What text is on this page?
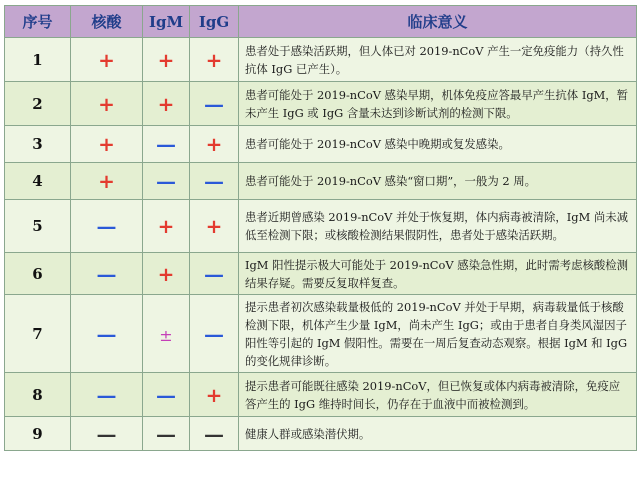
序号	核酸	IgM	IgG	临床意义
1	+	+	+	患者处于感染活跃期，但人体已对 2019-nCoV 产生一定免疫能力（持久性抗体 IgG 已产生）。
2	+	+	—	患者可能处于 2019-nCoV 感染早期，机体免疫应答最早产生抗体 IgM，暂未产生 IgG 或 IgG 含量未达到诊断试剂的检测下限。
3	+	—	+	患者可能处于 2019-nCoV 感染中晚期或复发感染。
4	+	—	—	患者可能处于 2019-nCoV 感染“窗口期”，一般为 2 周。
5	—	+	+	患者近期曾感染 2019-nCoV 并处于恢复期，体内病毒被清除，IgM 尚未减低至检测下限；或核酸检测结果假阴性，患者处于感染活跃期。
6	—	+	—	IgM 阳性提示极大可能处于 2019-nCoV 感染急性期，此时需考虑核酸检测结果存疑。需要反复取样复查。
7	—	±	—	提示患者初次感染载量极低的 2019-nCoV 并处于早期，病毒载量低于核酸检测下限，机体产生少量 IgM，尚未产生 IgG；或由于患者自身类风湿因子阳性等引起的 IgM 假阳性。需要在一周后复查动态观察。根据 IgM 和 IgG 的变化规律诊断。
8	—	—	+	提示患者可能既往感染 2019-nCoV，但已恢复或体内病毒被清除，免疫应答产生的 IgG 维持时间长，仍存在于血液中而被检测到。
9	—	—	—	健康人群或感染潜伏期。
